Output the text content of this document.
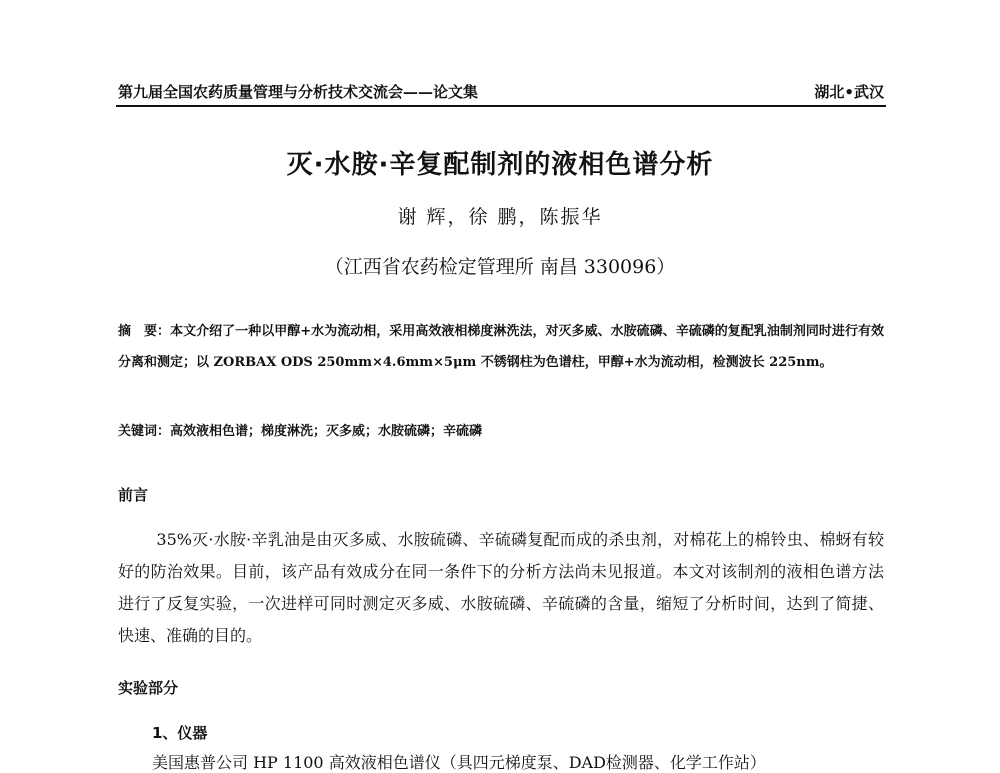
第九届全国农药质量管理与分析技术交流会——论文集	湖北•武汉
灭·水胺·辛复配制剂的液相色谱分析
谢 辉，徐 鹏，陈振华
（江西省农药检定管理所 南昌 330096）
摘　要：本文介绍了一种以甲醇+水为流动相，采用高效液相梯度淋洗法，对灭多威、水胺硫磷、辛硫磷的复配乳油制剂同时进行有效分离和测定；以 ZORBAX ODS 250mm×4.6mm×5μm 不锈钢柱为色谱柱，甲醇+水为流动相，检测波长 225nm。
关键词：高效液相色谱；梯度淋洗；灭多威；水胺硫磷；辛硫磷
前言
35%灭·水胺·辛乳油是由灭多威、水胺硫磷、辛硫磷复配而成的杀虫剂，对棉花上的棉铃虫、棉蚜有较好的防治效果。目前，该产品有效成分在同一条件下的分析方法尚未见报道。本文对该制剂的液相色谱方法进行了反复实验，一次进样可同时测定灭多威、水胺硫磷、辛硫磷的含量，缩短了分析时间，达到了简捷、快速、准确的目的。
实验部分
1、仪器
美国惠普公司 HP 1100 高效液相色谱仪（具四元梯度泵、DAD检测器、化学工作站）
